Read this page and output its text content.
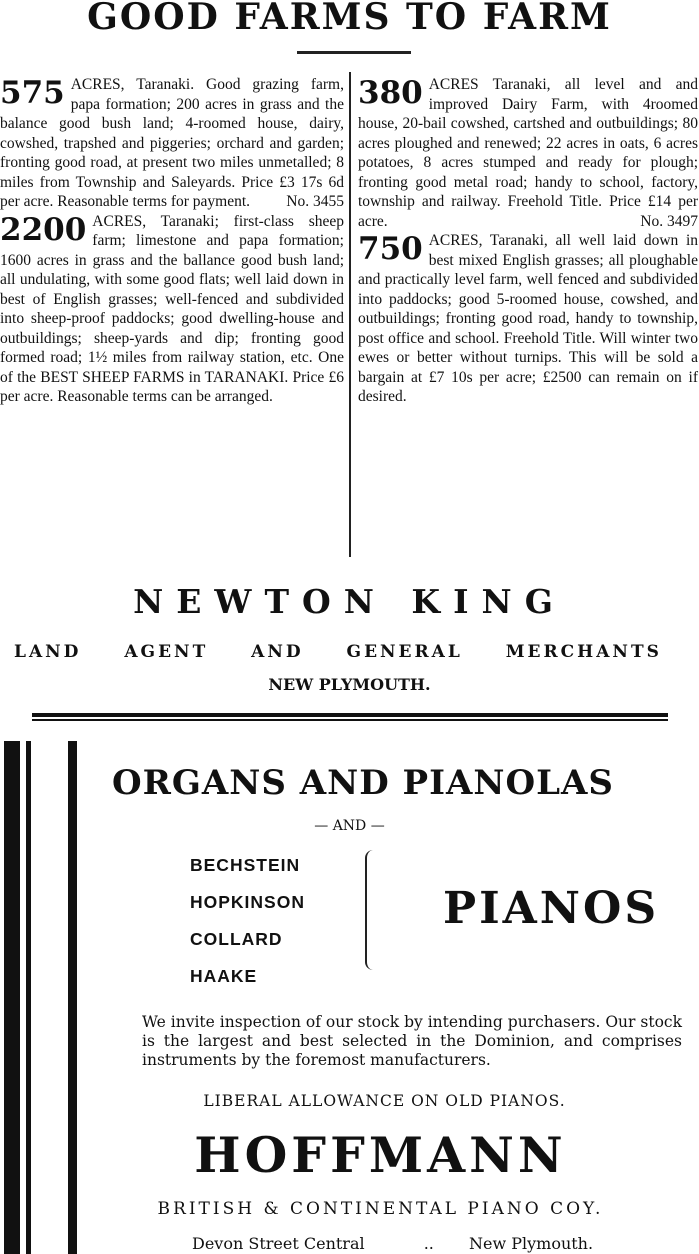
GOOD FARMS TO FARM
575 ACRES, Taranaki. Good grazing farm, papa formation; 200 acres in grass and the balance good bush land; 4-roomed house, dairy, cowshed, trapshed and piggeries; orchard and garden; fronting good road, at present two miles unmetalled; 8 miles from Township and Saleyards. Price £3 17s 6d per acre. Reasonable terms for payment. No. 3455
2200 ACRES, Taranaki; first-class sheep farm; limestone and papa formation; 1600 acres in grass and the ballance good bush land; all undulating, with some good flats; well laid down in best of English grasses; well-fenced and subdivided into sheep-proof paddocks; good dwelling-house and outbuildings; sheep-yards and dip; fronting good formed road; 1½ miles from railway station, etc. One of the BEST SHEEP FARMS in TARANAKI. Price £6 per acre. Reasonable terms can be arranged.
380 ACRES Taranaki, all level and and improved Dairy Farm, with 4roomed house, 20-bail cowshed, cartshed and outbuildings; 80 acres ploughed and renewed; 22 acres in oats, 6 acres potatoes, 8 acres stumped and ready for plough; fronting good metal road; handy to school, factory, township and railway. Freehold Title. Price £14 per acre.	No. 3497
750 ACRES, Taranaki, all well laid down in best mixed English grasses; all ploughable and practically level farm, well fenced and subdivided into paddocks; good 5-roomed house, cowshed, and outbuildings; fronting good road, handy to township, post office and school. Freehold Title. Will winter two ewes or better without turnips. This will be sold a bargain at £7 10s per acre; £2500 can remain on if desired.
NEWTON KING
LAND	AGENT	AND	GENERAL	MERCHANTS
NEW PLYMOUTH.
ORGANS AND PIANOLAS
— AND —
BECHSTEIN
HOPKINSON
COLLARD
HAAKE
PIANOS
We invite inspection of our stock by intending purchasers. Our stock is the largest and best selected in the Dominion, and comprises instruments by the foremost manufacturers.
LIBERAL ALLOWANCE ON OLD PIANOS.
HOFFMANN
BRITISH & CONTINENTAL PIANO COY.
Devon Street Central	.. New Plymouth.
